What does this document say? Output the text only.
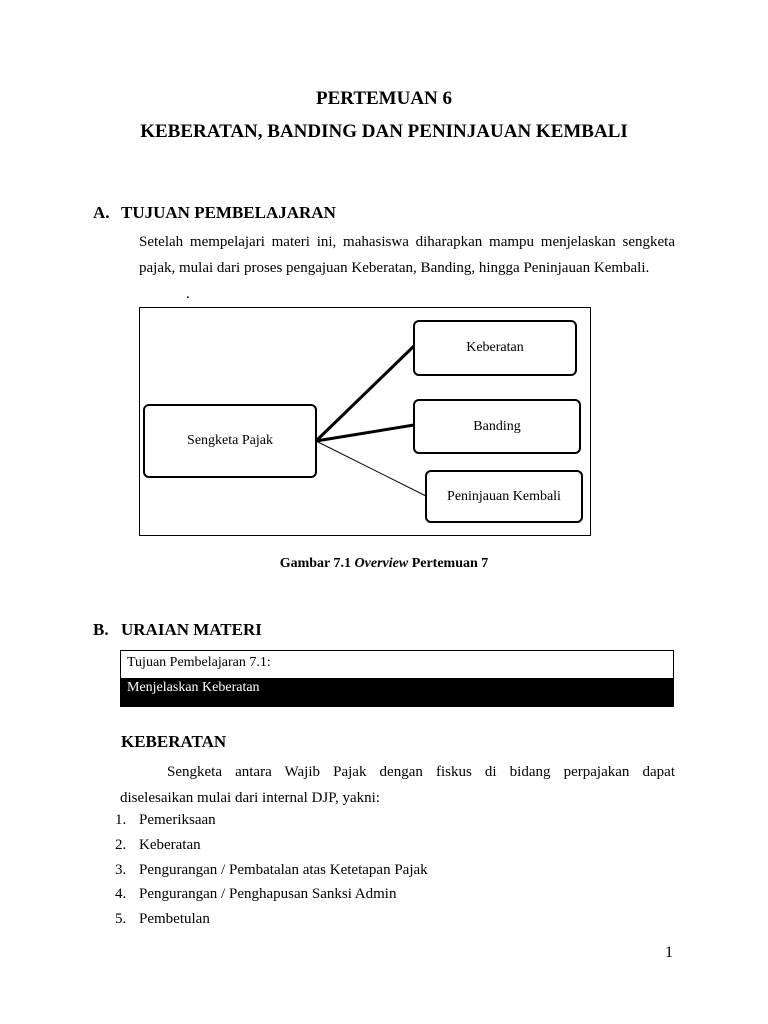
PERTEMUAN 6
KEBERATAN, BANDING DAN PENINJAUAN KEMBALI
A. TUJUAN PEMBELAJARAN
Setelah mempelajari materi ini, mahasiswa diharapkan mampu menjelaskan sengketa
pajak, mulai dari proses pengajuan Keberatan, Banding, hingga Peninjauan Kembali.
.
Sengketa Pajak
Keberatan
Banding
Peninjauan Kembali
Gambar 7.1 Overview Pertemuan 7
B. URAIAN MATERI
Tujuan Pembelajaran 7.1:
Menjelaskan Keberatan
KEBERATAN
Sengketa antara Wajib Pajak dengan fiskus di bidang perpajakan dapat
diselesaikan mulai dari internal DJP, yakni:
1. Pemeriksaan
2. Keberatan
3. Pengurangan / Pembatalan atas Ketetapan Pajak
4. Pengurangan / Penghapusan Sanksi Admin
5. Pembetulan
1
